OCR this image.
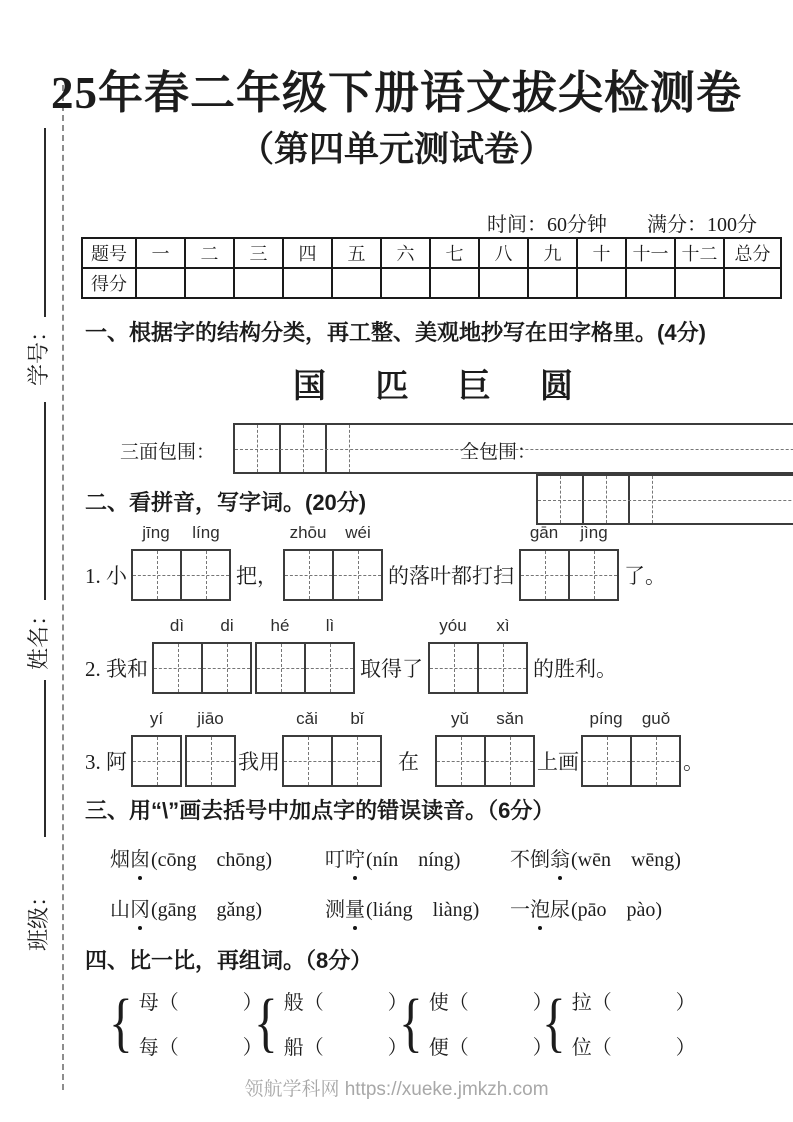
学号：
姓名：
班级：
25年春二年级下册语文拔尖检测卷
（第四单元测试卷）
时间：60分钟　　满分：100分
题号	一	二	三	四	五	六	七	八	九	十	十一	十二	总分
得分													
一、根据字的结构分类，再工整、美观地抄写在田字格里。(4分)
国 匹 巨 圆
三面包围：	全包围：
二、看拼音，写字词。(20分)
1. 小
jīng	líng
把，
zhōu	wéi
的落叶都打扫
gān	jìng
了。
2. 我和
dì	di	hé	lì
取得了
yóu	xì
的胜利。
3. 阿
yí	jiāo
我用
cǎi	bǐ
在
yǔ	sǎn
上画
píng	guǒ
。
三、用“\”画去括号中加点字的错误读音。（6分）
烟囱(cōng　chōng)	叮咛(nín　níng) 不倒翁(wēn　wēng)
山冈(gāng　gǎng)	测量(liáng　liàng) 一泡尿(pāo　pào)
四、比一比，再组词。（8分）
{ 母（　　　）
每（　　　）
{ 般（　　　）
船（　　　）
{ 使（　　　）
便（　　　）
{ 拉（　　　）
位（　　　）
领航学科网 https://xueke.jmkzh.com
